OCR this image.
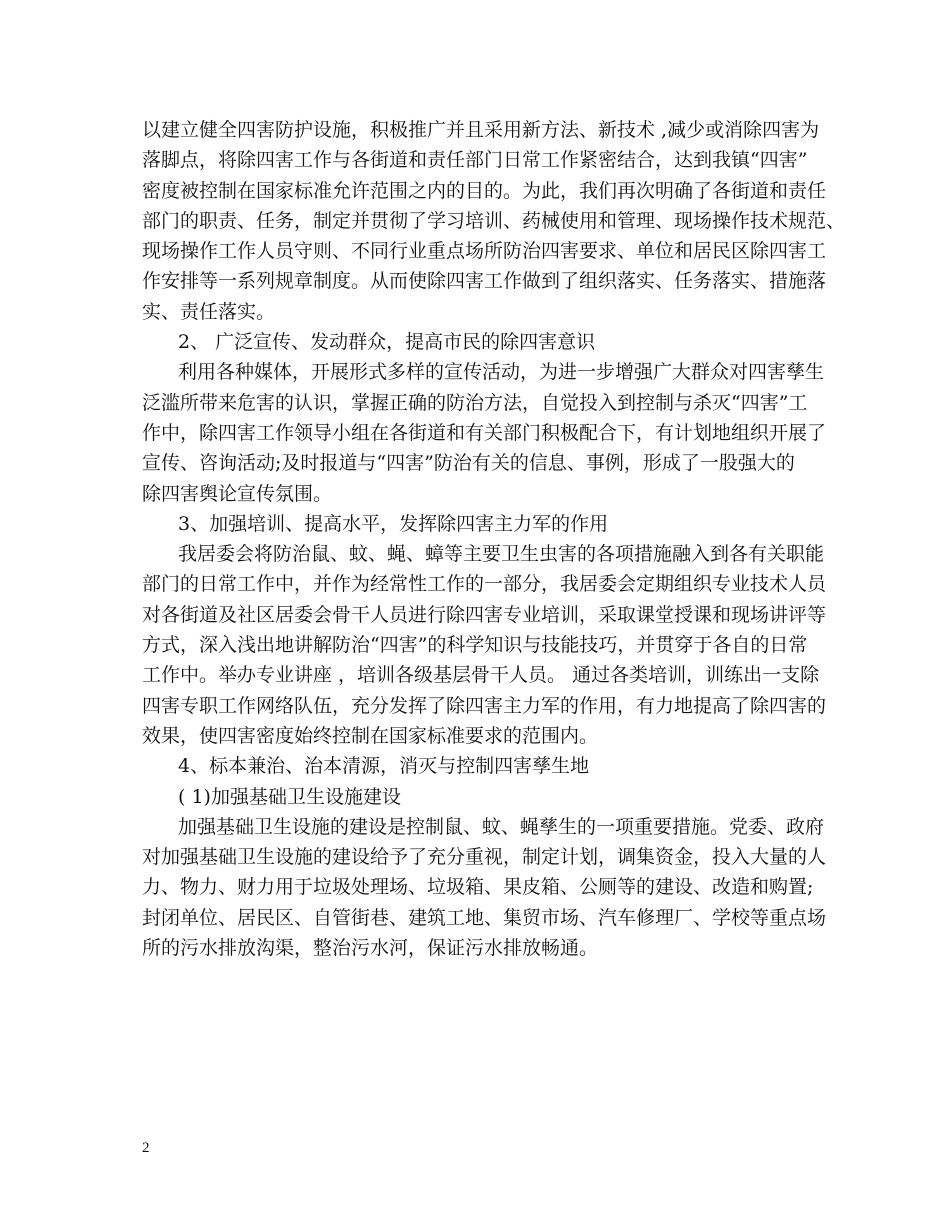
以建立健全四害防护设施，积极推广并且采用新方法、新技术 ,减少或消除四害为
落脚点，将除四害工作与各街道和责任部门日常工作紧密结合，达到我镇“四害”
密度被控制在国家标准允许范围之内的目的。为此，我们再次明确了各街道和责任
部门的职责、任务，制定并贯彻了学习培训、药械使用和管理、现场操作技术规范、
现场操作工作人员守则、不同行业重点场所防治四害要求、单位和居民区除四害工
作安排等一系列规章制度。从而使除四害工作做到了组织落实、任务落实、措施落
实、责任落实。
2、 广泛宣传、发动群众，提高市民的除四害意识
利用各种媒体，开展形式多样的宣传活动，为进一步增强广大群众对四害孳生
泛滥所带来危害的认识，掌握正确的防治方法，自觉投入到控制与杀灭“四害”工
作中，除四害工作领导小组在各街道和有关部门积极配合下，有计划地组织开展了
宣传、咨询活动;及时报道与“四害”防治有关的信息、事例，形成了一股强大的
除四害舆论宣传氛围。
3、加强培训、提高水平，发挥除四害主力军的作用
我居委会将防治鼠、蚊、蝇、蟑等主要卫生虫害的各项措施融入到各有关职能
部门的日常工作中，并作为经常性工作的一部分，我居委会定期组织专业技术人员
对各街道及社区居委会骨干人员进行除四害专业培训，采取课堂授课和现场讲评等
方式，深入浅出地讲解防治“四害”的科学知识与技能技巧，并贯穿于各自的日常
工作中。举办专业讲座 ，培训各级基层骨干人员。 通过各类培训，训练出一支除
四害专职工作网络队伍，充分发挥了除四害主力军的作用，有力地提高了除四害的
效果，使四害密度始终控制在国家标准要求的范围内。
4、标本兼治、治本清源，消灭与控制四害孳生地
( 1)加强基础卫生设施建设
加强基础卫生设施的建设是控制鼠、蚊、蝇孳生的一项重要措施。党委、政府
对加强基础卫生设施的建设给予了充分重视，制定计划，调集资金，投入大量的人
力、物力、财力用于垃圾处理场、垃圾箱、果皮箱、公厕等的建设、改造和购置;
封闭单位、居民区、自管街巷、建筑工地、集贸市场、汽车修理厂、学校等重点场
所的污水排放沟渠，整治污水河，保证污水排放畅通。
2
